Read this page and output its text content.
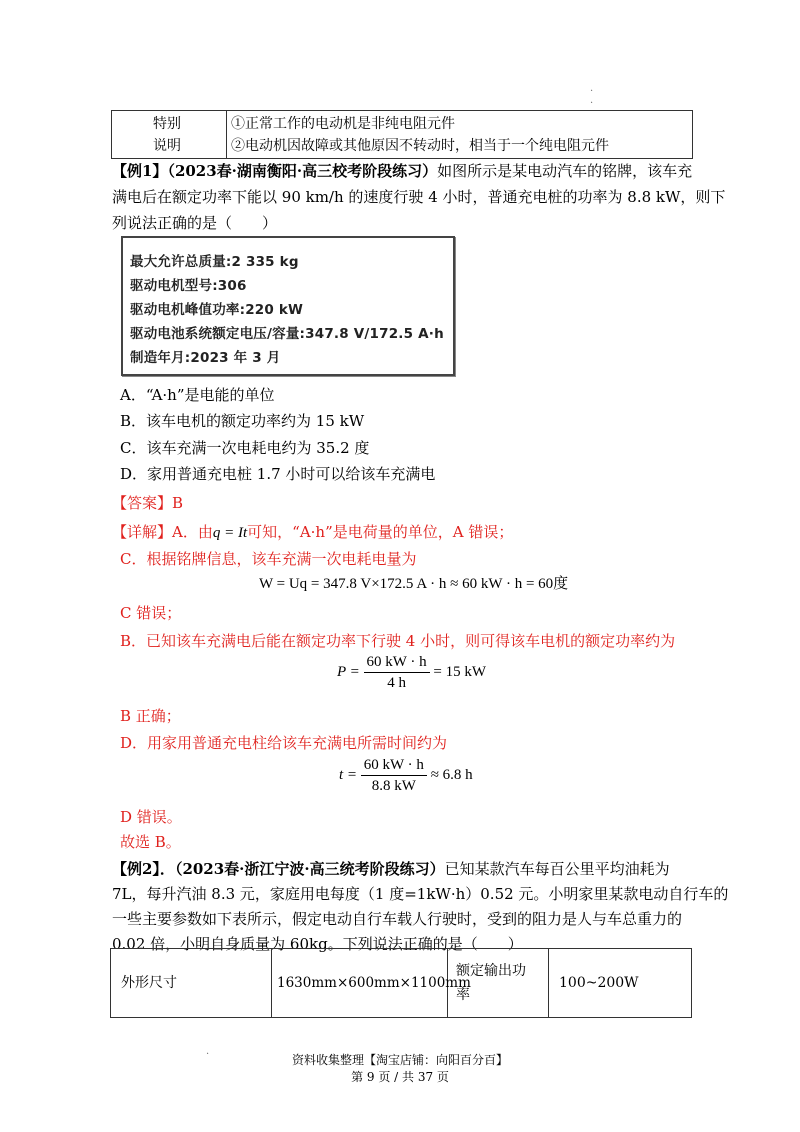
·
·
特别
说明
①正常工作的电动机是非纯电阻元件
②电动机因故障或其他原因不转动时，相当于一个纯电阻元件
【例1】（2023春·湖南衡阳·高三校考阶段练习）如图所示是某电动汽车的铭牌，该车充
满电后在额定功率下能以 90 km/h 的速度行驶 4 小时，普通充电桩的功率为 8.8 kW，则下
列说法正确的是（　　）
最大允许总质量:2 335 kg
驱动电机型号:306
驱动电机峰值功率:220 kW
驱动电池系统额定电压/容量:347.8 V/172.5 A·h
制造年月:2023 年 3 月
A．“A·h”是电能的单位
B．该车电机的额定功率约为 15 kW
C．该车充满一次电耗电约为 35.2 度
D．家用普通充电桩 1.7 小时可以给该车充满电
【答案】B
【详解】A．由q = It可知，“A·h”是电荷量的单位，A 错误；
C．根据铭牌信息，该车充满一次电耗电量为
W = Uq = 347.8 V×172.5 A · h ≈ 60 kW · h = 60度
C 错误；
B．已知该车充满电后能在额定功率下行驶 4 小时，则可得该车电机的额定功率约为
$P = \frac{60 kW \cdot h}{4 h} = 15$ kW
B 正确；
D．用家用普通充电柱给该车充满电所需时间约为
$t = \frac{60 kW \cdot h}{8.8 kW} \approx 6.8$ h
D 错误。
故选 B。
【例2】．（2023春·浙江宁波·高三统考阶段练习）已知某款汽车每百公里平均油耗为
7L，每升汽油 8.3 元，家庭用电每度（1 度=1kW·h）0.52 元。小明家里某款电动自行车的
一些主要参数如下表所示，假定电动自行车载人行驶时，受到的阻力是人与车总重力的
0.02 倍，小明自身质量为 60kg。下列说法正确的是（　　）
外形尺寸	1630mm×600mm×1100mm
额定输出功
率
100~200W
·	资料收集整理【淘宝店铺：向阳百分百】
第 9 页 / 共 37 页
